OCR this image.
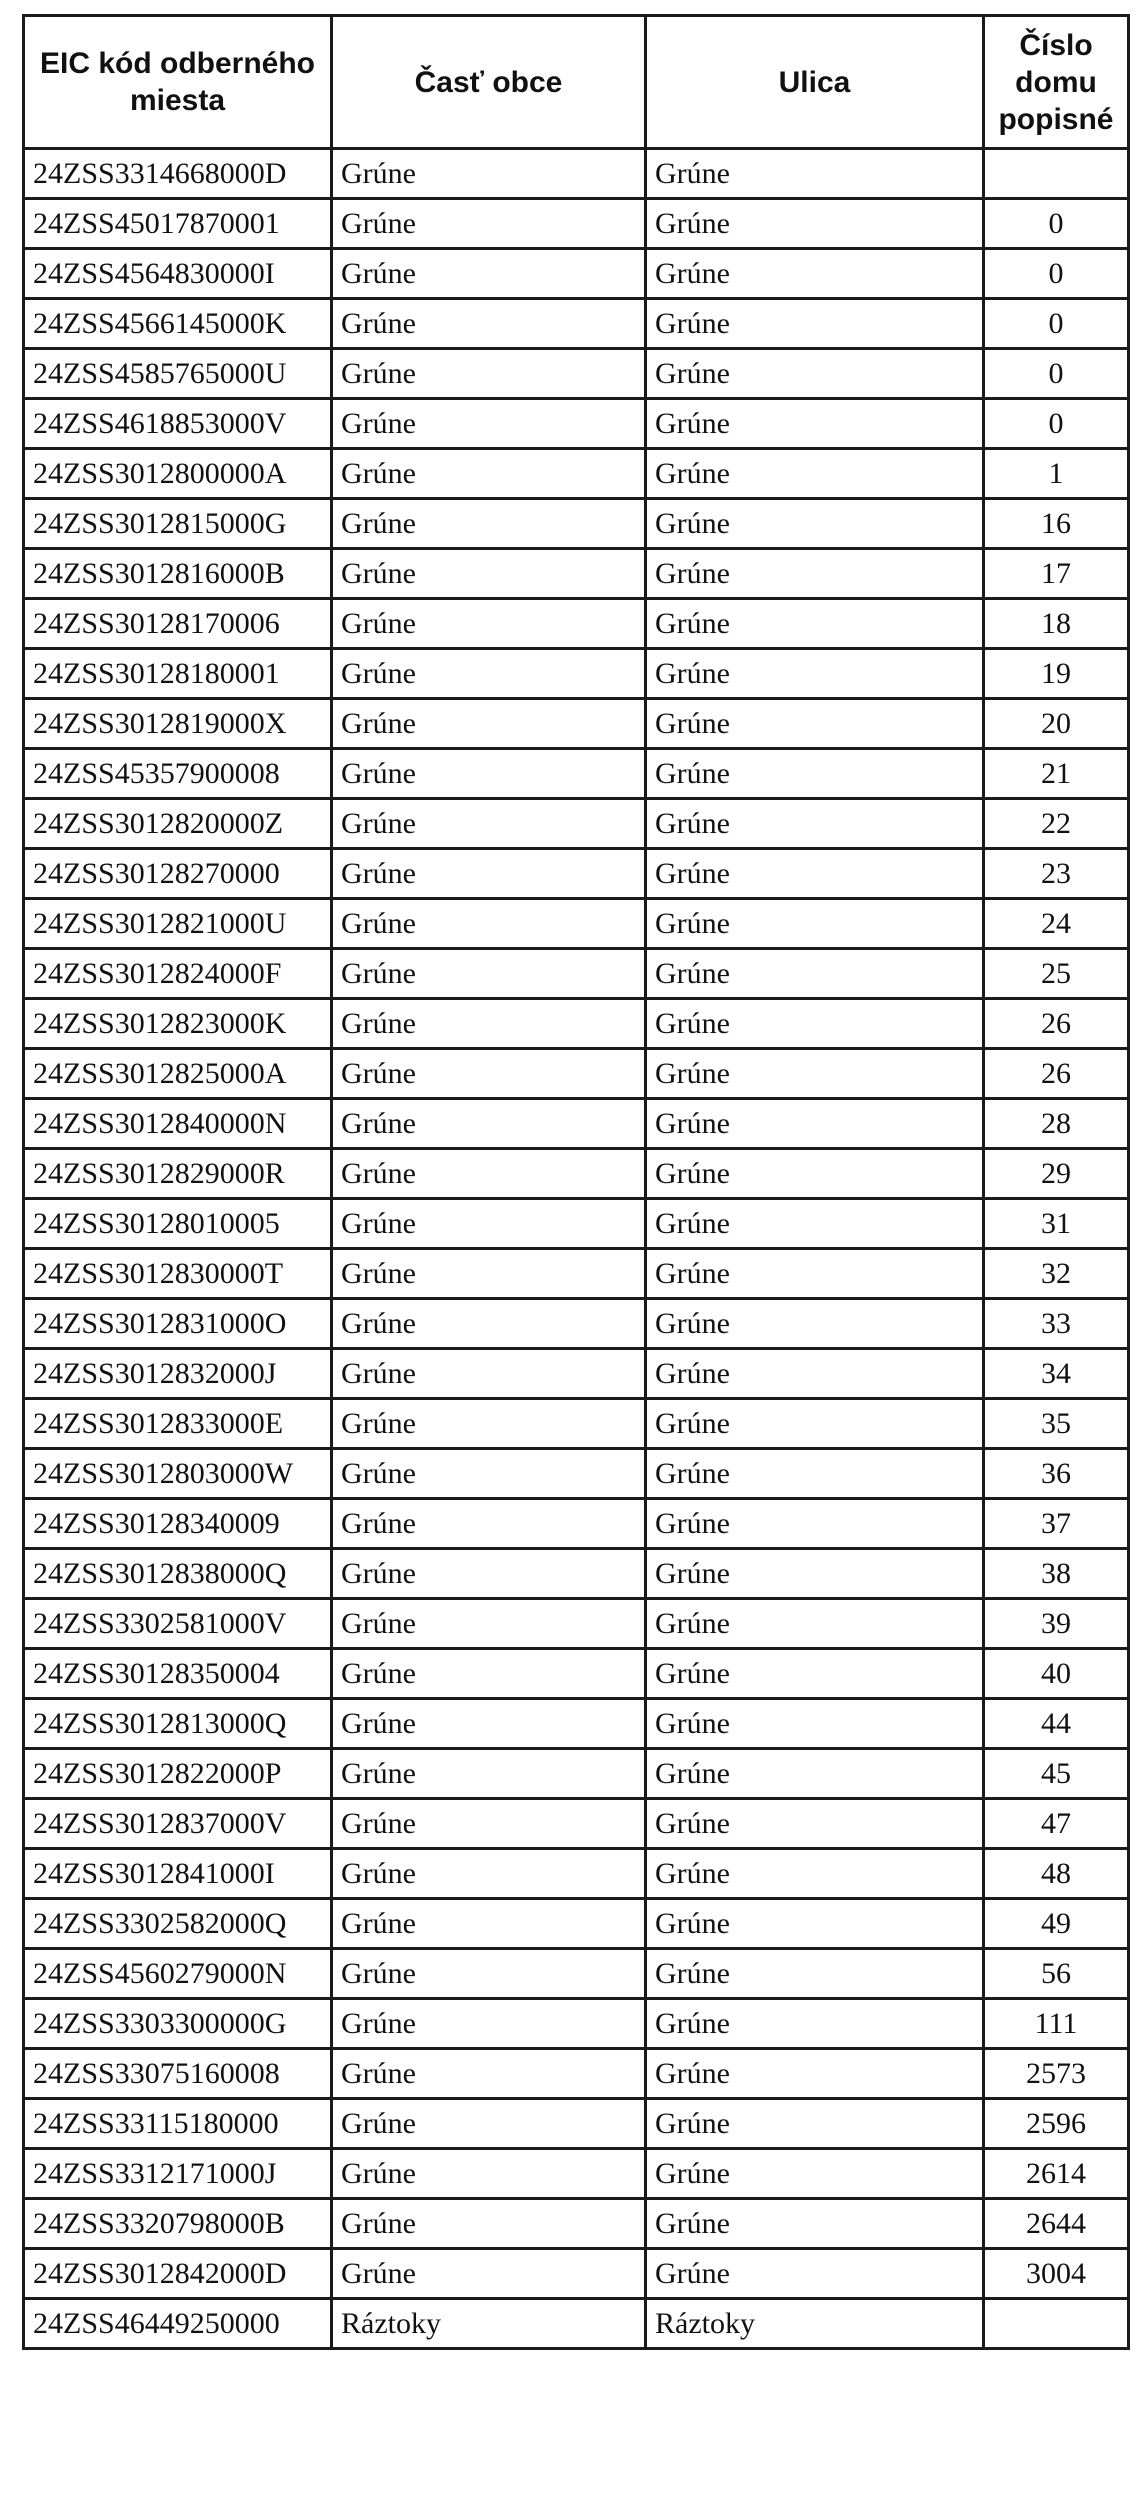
EIC kód odberného miesta	Časť obce	Ulica	Číslo domu popisné
24ZSS3314668000D	Grúne	Grúne	
24ZSS45017870001	Grúne	Grúne	0
24ZSS4564830000I	Grúne	Grúne	0
24ZSS4566145000K	Grúne	Grúne	0
24ZSS4585765000U	Grúne	Grúne	0
24ZSS4618853000V	Grúne	Grúne	0
24ZSS3012800000A	Grúne	Grúne	1
24ZSS3012815000G	Grúne	Grúne	16
24ZSS3012816000B	Grúne	Grúne	17
24ZSS30128170006	Grúne	Grúne	18
24ZSS30128180001	Grúne	Grúne	19
24ZSS3012819000X	Grúne	Grúne	20
24ZSS45357900008	Grúne	Grúne	21
24ZSS3012820000Z	Grúne	Grúne	22
24ZSS30128270000	Grúne	Grúne	23
24ZSS3012821000U	Grúne	Grúne	24
24ZSS3012824000F	Grúne	Grúne	25
24ZSS3012823000K	Grúne	Grúne	26
24ZSS3012825000A	Grúne	Grúne	26
24ZSS3012840000N	Grúne	Grúne	28
24ZSS3012829000R	Grúne	Grúne	29
24ZSS30128010005	Grúne	Grúne	31
24ZSS3012830000T	Grúne	Grúne	32
24ZSS3012831000O	Grúne	Grúne	33
24ZSS3012832000J	Grúne	Grúne	34
24ZSS3012833000E	Grúne	Grúne	35
24ZSS3012803000W	Grúne	Grúne	36
24ZSS30128340009	Grúne	Grúne	37
24ZSS3012838000Q	Grúne	Grúne	38
24ZSS3302581000V	Grúne	Grúne	39
24ZSS30128350004	Grúne	Grúne	40
24ZSS3012813000Q	Grúne	Grúne	44
24ZSS3012822000P	Grúne	Grúne	45
24ZSS3012837000V	Grúne	Grúne	47
24ZSS3012841000I	Grúne	Grúne	48
24ZSS3302582000Q	Grúne	Grúne	49
24ZSS4560279000N	Grúne	Grúne	56
24ZSS3303300000G	Grúne	Grúne	111
24ZSS33075160008	Grúne	Grúne	2573
24ZSS33115180000	Grúne	Grúne	2596
24ZSS3312171000J	Grúne	Grúne	2614
24ZSS3320798000B	Grúne	Grúne	2644
24ZSS3012842000D	Grúne	Grúne	3004
24ZSS46449250000	Ráztoky	Ráztoky	
